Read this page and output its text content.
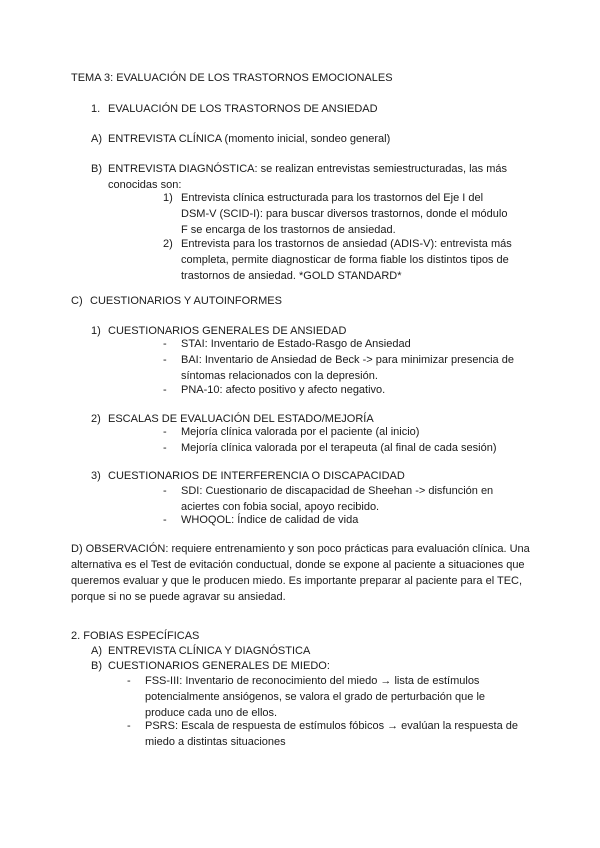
TEMA 3: EVALUACIÓN DE LOS TRASTORNOS EMOCIONALES
1. EVALUACIÓN DE LOS TRASTORNOS DE ANSIEDAD
A) ENTREVISTA CLÍNICA (momento inicial, sondeo general)
B) ENTREVISTA DIAGNÓSTICA: se realizan entrevistas semiestructuradas, las más conocidas son:
1) Entrevista clínica estructurada para los trastornos del Eje I del DSM-V (SCID-I): para buscar diversos trastornos, donde el módulo F se encarga de los trastornos de ansiedad.
2) Entrevista para los trastornos de ansiedad (ADIS-V): entrevista más completa, permite diagnosticar de forma fiable los distintos tipos de trastornos de ansiedad. *GOLD STANDARD*
C) CUESTIONARIOS Y AUTOINFORMES
1) CUESTIONARIOS GENERALES DE ANSIEDAD
- STAI: Inventario de Estado-Rasgo de Ansiedad
- BAI: Inventario de Ansiedad de Beck -> para minimizar presencia de síntomas relacionados con la depresión.
- PNA-10: afecto positivo y afecto negativo.
2) ESCALAS DE EVALUACIÓN DEL ESTADO/MEJORÍA
- Mejoría clínica valorada por el paciente (al inicio)
- Mejoría clínica valorada por el terapeuta (al final de cada sesión)
3) CUESTIONARIOS DE INTERFERENCIA O DISCAPACIDAD
- SDI: Cuestionario de discapacidad de Sheehan -> disfunción en aciertes con fobia social, apoyo recibido.
- WHOQOL: Índice de calidad de vida
D) OBSERVACIÓN: requiere entrenamiento y son poco prácticas para evaluación clínica. Una alternativa es el Test de evitación conductual, donde se expone al paciente a situaciones que queremos evaluar y que le producen miedo. Es importante preparar al paciente para el TEC, porque si no se puede agravar su ansiedad.
2. FOBIAS ESPECÍFICAS
A) ENTREVISTA CLÍNICA Y DIAGNÓSTICA
B) CUESTIONARIOS GENERALES DE MIEDO:
- FSS-III: Inventario de reconocimiento del miedo → lista de estímulos potencialmente ansiógenos, se valora el grado de perturbación que le produce cada uno de ellos.
- PSRS: Escala de respuesta de estímulos fóbicos → evalúan la respuesta de miedo a distintas situaciones
